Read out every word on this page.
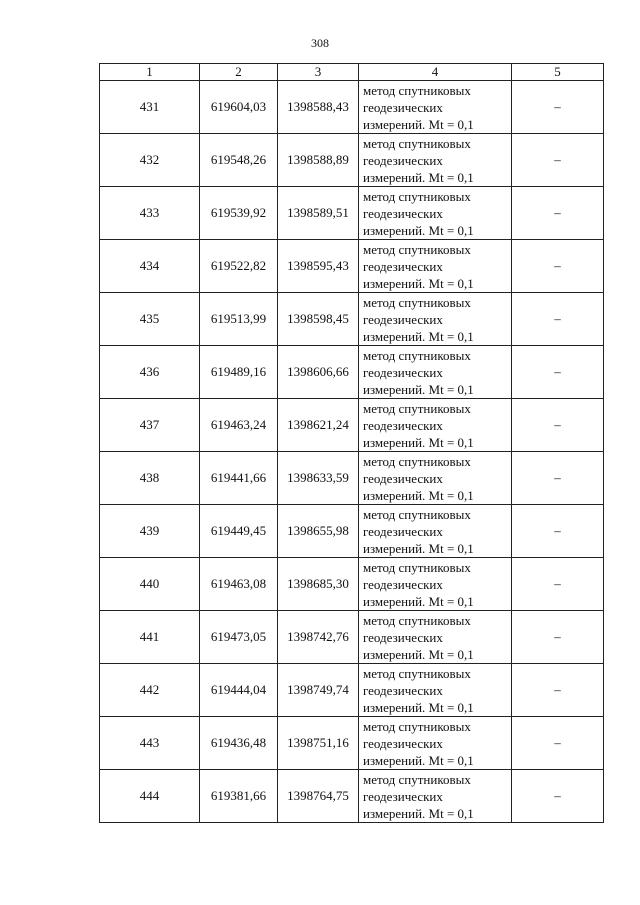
308
1	2	3	4	5
431	619604,03	1398588,43	метод спутниковых
геодезических
измерений. Mt = 0,1	–
432	619548,26	1398588,89	метод спутниковых
геодезических
измерений. Mt = 0,1	–
433	619539,92	1398589,51	метод спутниковых
геодезических
измерений. Mt = 0,1	–
434	619522,82	1398595,43	метод спутниковых
геодезических
измерений. Mt = 0,1	–
435	619513,99	1398598,45	метод спутниковых
геодезических
измерений. Mt = 0,1	–
436	619489,16	1398606,66	метод спутниковых
геодезических
измерений. Mt = 0,1	–
437	619463,24	1398621,24	метод спутниковых
геодезических
измерений. Mt = 0,1	–
438	619441,66	1398633,59	метод спутниковых
геодезических
измерений. Mt = 0,1	–
439	619449,45	1398655,98	метод спутниковых
геодезических
измерений. Mt = 0,1	–
440	619463,08	1398685,30	метод спутниковых
геодезических
измерений. Mt = 0,1	–
441	619473,05	1398742,76	метод спутниковых
геодезических
измерений. Mt = 0,1	–
442	619444,04	1398749,74	метод спутниковых
геодезических
измерений. Mt = 0,1	–
443	619436,48	1398751,16	метод спутниковых
геодезических
измерений. Mt = 0,1	–
444	619381,66	1398764,75	метод спутниковых
геодезических
измерений. Mt = 0,1	–
